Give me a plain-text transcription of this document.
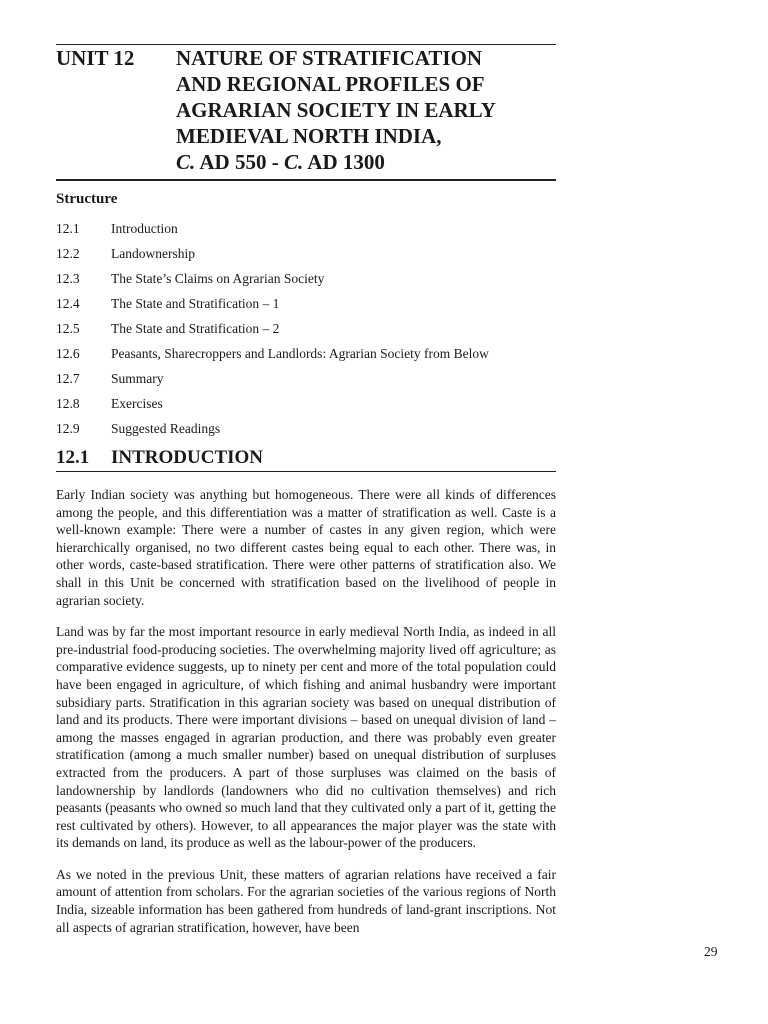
UNIT 12 NATURE OF STRATIFICATION
AND REGIONAL PROFILES OF
AGRARIAN SOCIETY IN EARLY
MEDIEVAL NORTH INDIA,
C. AD 550 - C. AD 1300
Structure
12.1	Introduction
12.2	Landownership
12.3	The State’s Claims on Agrarian Society
12.4	The State and Stratification – 1
12.5	The State and Stratification – 2
12.6	Peasants, Sharecroppers and Landlords: Agrarian Society from Below
12.7	Summary
12.8	Exercises
12.9	Suggested Readings
12.1	INTRODUCTION

Early Indian society was anything but homogeneous. There were all kinds of differences among the people, and this differentiation was a matter of stratification as well. Caste is a well-known example: There were a number of castes in any given region, which were hierarchically organised, no two different castes being equal to each other. There was, in other words, caste-based stratification. There were other patterns of stratification also. We shall in this Unit be concerned with stratification based on the livelihood of people in agrarian society.

Land was by far the most important resource in early medieval North India, as indeed in all pre-industrial food-producing societies. The overwhelming majority lived off agriculture; as comparative evidence suggests, up to ninety per cent and more of the total population could have been engaged in agriculture, of which fishing and animal husbandry were important subsidiary parts. Stratification in this agrarian society was based on unequal distribution of land and its products. There were important divisions – based on unequal division of land – among the masses engaged in agrarian production, and there was probably even greater stratification (among a much smaller number) based on unequal distribution of surpluses extracted from the producers. A part of those surpluses was claimed on the basis of landownership by landlords (landowners who did no cultivation themselves) and rich peasants (peasants who owned so much land that they cultivated only a part of it, getting the rest cultivated by others). However, to all appearances the major player was the state with its demands on land, its produce as well as the labour-power of the producers.

As we noted in the previous Unit, these matters of agrarian relations have received a fair amount of attention from scholars. For the agrarian societies of the various regions of North India, sizeable information has been gathered from hundreds of land-grant inscriptions. Not all aspects of agrarian stratification, however, have been

29
